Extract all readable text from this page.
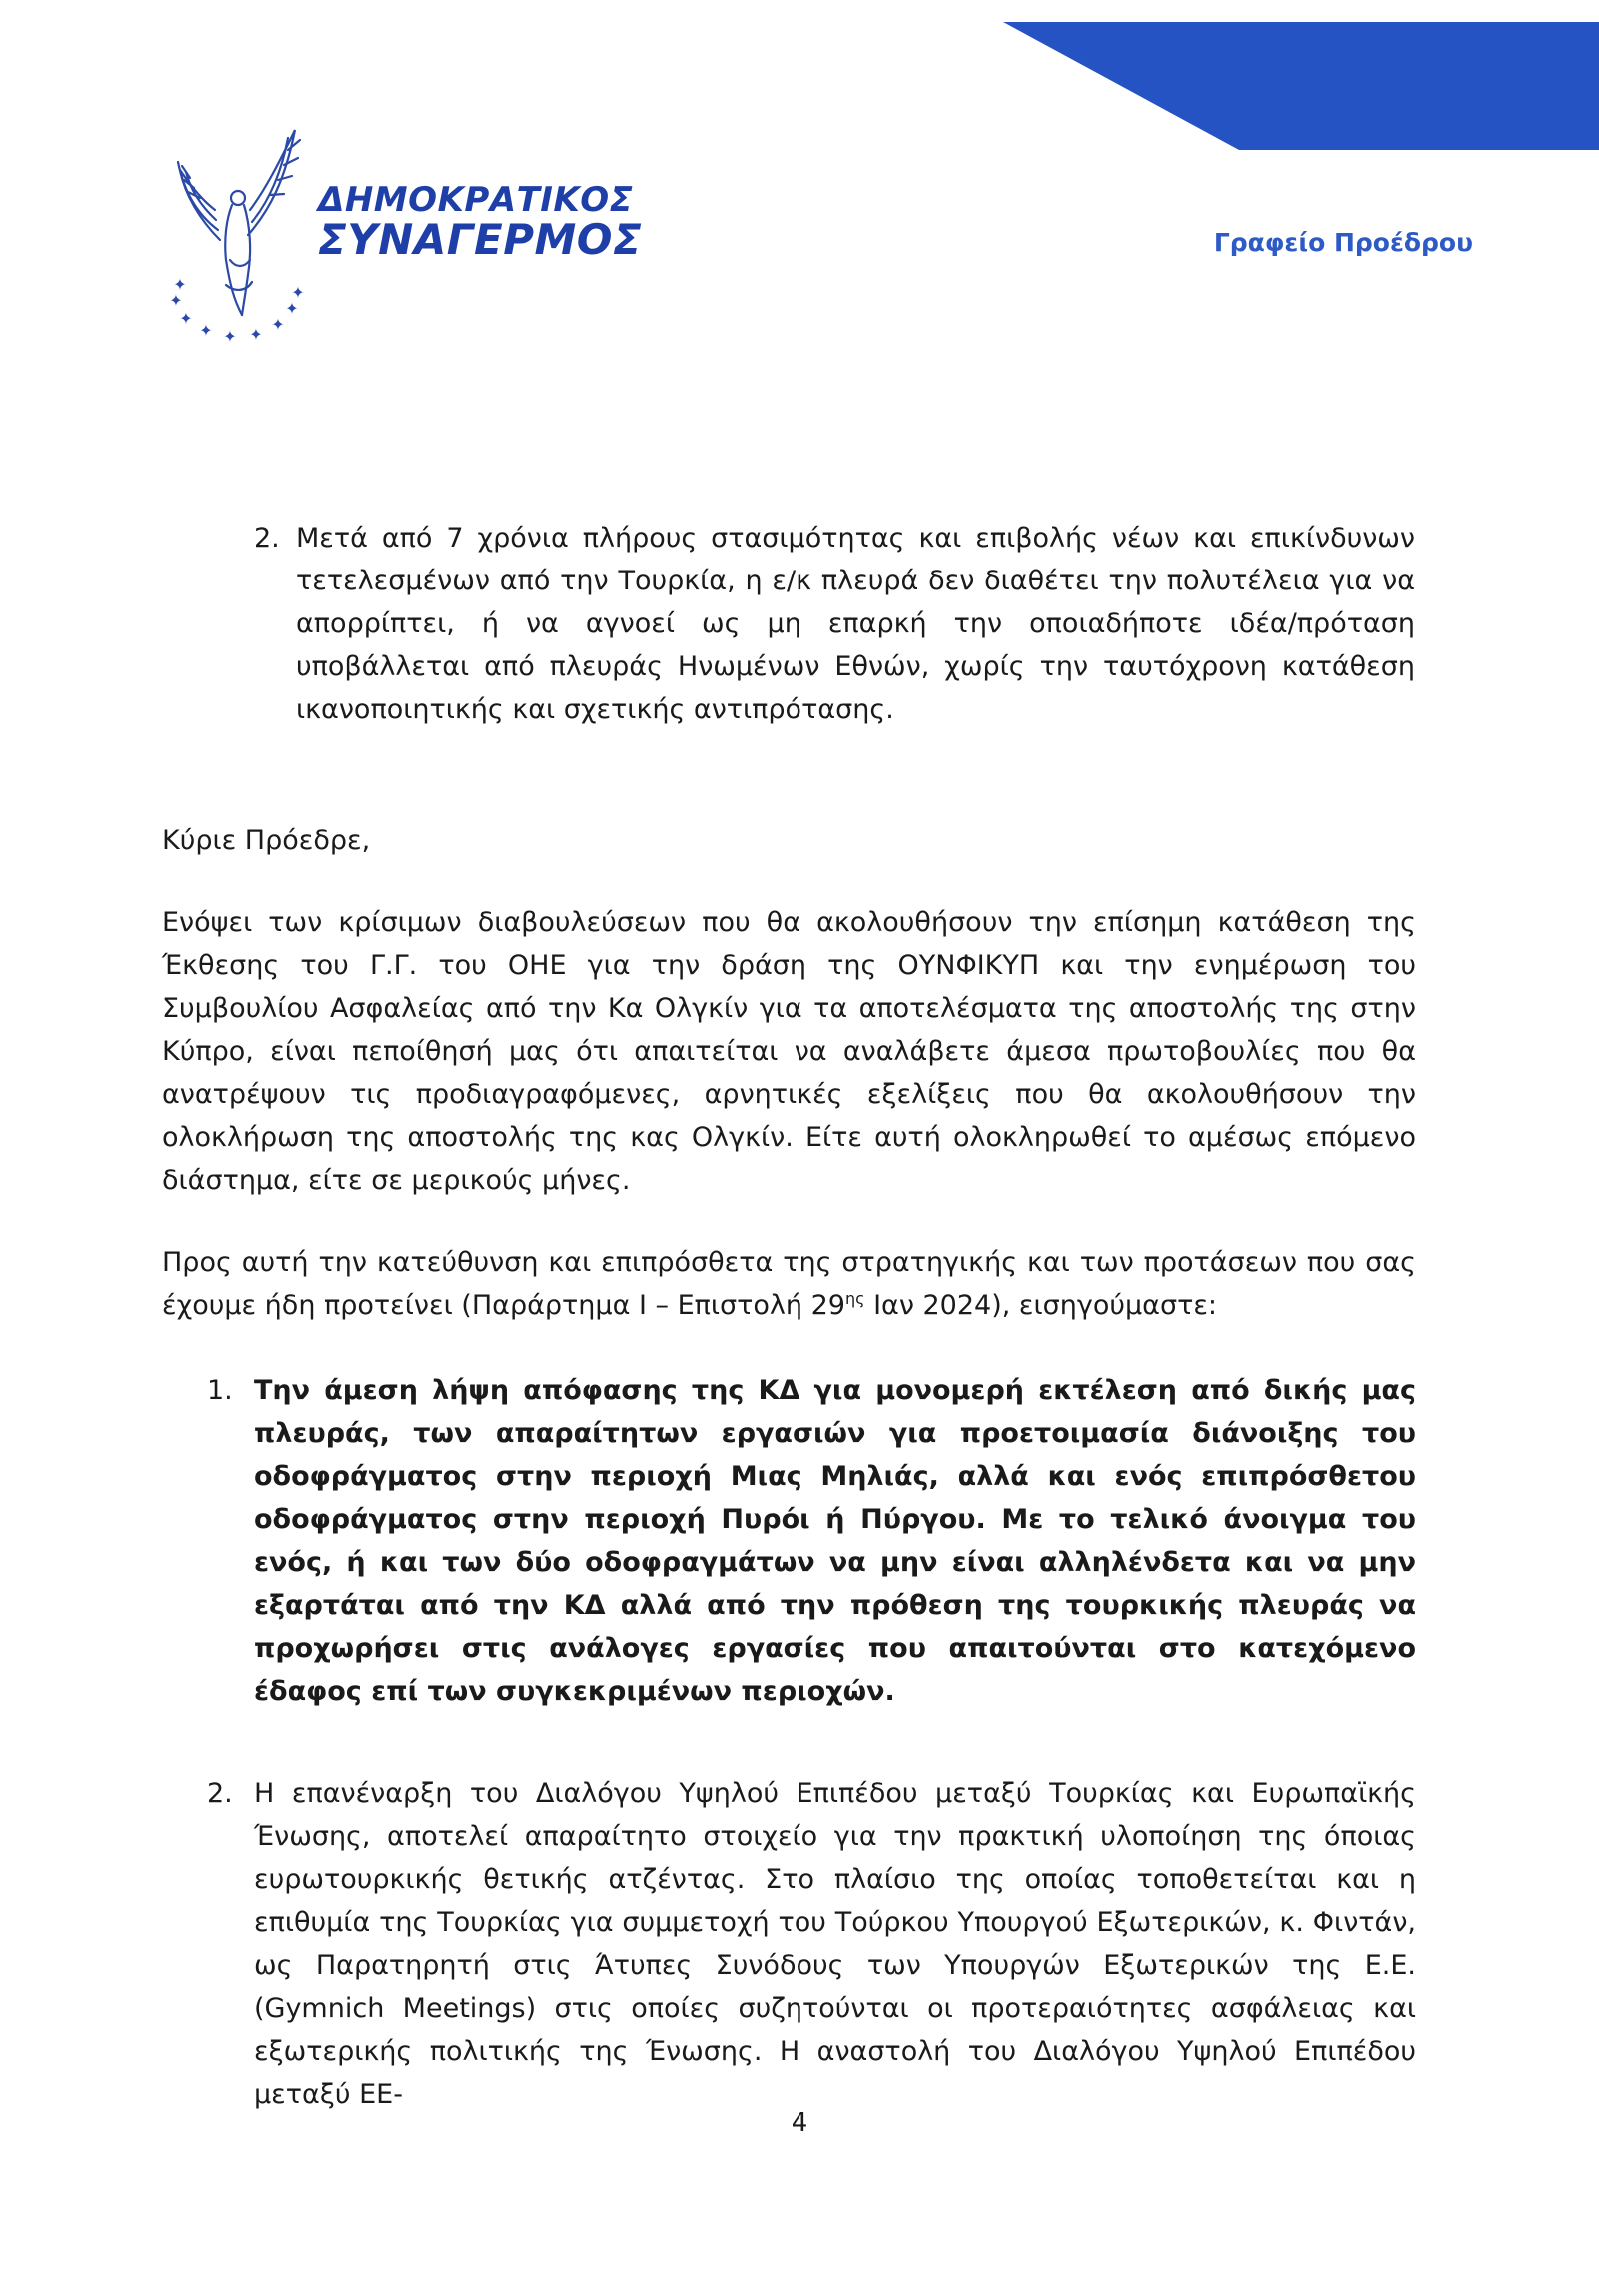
✦
✦
✦ ✦ ✦
✦
✦
✦
✦
ΔΗΜΟΚΡΑΤΙΚΟΣ
ΣΥΝΑΓΕΡΜΟΣ	Γραφείο Προέδρου
2. Μετά από 7 χρόνια πλήρους στασιμότητας και επιβολής νέων και επικίνδυνων τετελεσμένων από την Τουρκία, η ε/κ πλευρά δεν διαθέτει την πολυτέλεια για να απορρίπτει, ή να αγνοεί ως μη επαρκή την οποιαδήποτε ιδέα/πρόταση υποβάλλεται από πλευράς Ηνωμένων Εθνών, χωρίς την ταυτόχρονη κατάθεση ικανοποιητικής και σχετικής αντιπρότασης.

Κύριε Πρόεδρε,

Ενόψει των κρίσιμων διαβουλεύσεων που θα ακολουθήσουν την επίσημη κατάθεση της Έκθεσης του Γ.Γ. του ΟΗΕ για την δράση της ΟΥΝΦΙΚΥΠ και την ενημέρωση του Συμβουλίου Ασφαλείας από την Κα Ολγκίν για τα αποτελέσματα της αποστολής της στην Κύπρο, είναι πεποίθησή μας ότι απαιτείται να αναλάβετε άμεσα πρωτοβουλίες που θα ανατρέψουν τις προδιαγραφόμενες, αρνητικές εξελίξεις που θα ακολουθήσουν την ολοκλήρωση της αποστολής της κας Ολγκίν. Είτε αυτή ολοκληρωθεί το αμέσως επόμενο διάστημα, είτε σε μερικούς μήνες.

Προς αυτή την κατεύθυνση και επιπρόσθετα της στρατηγικής και των προτάσεων που σας έχουμε ήδη προτείνει (Παράρτημα Ι – Επιστολή $29^{\eta\varsigma}$ Ιαν 2024), εισηγούμαστε:

1. Την άμεση λήψη απόφασης της ΚΔ για μονομερή εκτέλεση από δικής μας πλευράς, των απαραίτητων εργασιών για προετοιμασία διάνοιξης του οδοφράγματος στην περιοχή Μιας Μηλιάς, αλλά και ενός επιπρόσθετου οδοφράγματος στην περιοχή Πυρόι ή Πύργου. Με το τελικό άνοιγμα του ενός, ή και των δύο οδοφραγμάτων να μην είναι αλληλένδετα και να μην εξαρτάται από την ΚΔ αλλά από την πρόθεση της τουρκικής πλευράς να προχωρήσει στις ανάλογες εργασίες που απαιτούνται στο κατεχόμενο έδαφος επί των συγκεκριμένων περιοχών.
2. Η επανέναρξη του Διαλόγου Υψηλού Επιπέδου μεταξύ Τουρκίας και Ευρωπαϊκής Ένωσης, αποτελεί απαραίτητο στοιχείο για την πρακτική υλοποίηση της όποιας ευρωτουρκικής θετικής ατζέντας. Στο πλαίσιο της οποίας τοποθετείται και η επιθυμία της Τουρκίας για συμμετοχή του Τούρκου Υπουργού Εξωτερικών, κ. Φιντάν, ως Παρατηρητή στις Άτυπες Συνόδους των Υπουργών Εξωτερικών της Ε.Ε. (Gymnich Meetings) στις οποίες συζητούνται οι προτεραιότητες ασφάλειας και εξωτερικής πολιτικής της Ένωσης. Η αναστολή του Διαλόγου Υψηλού Επιπέδου μεταξύ ΕΕ-
4
